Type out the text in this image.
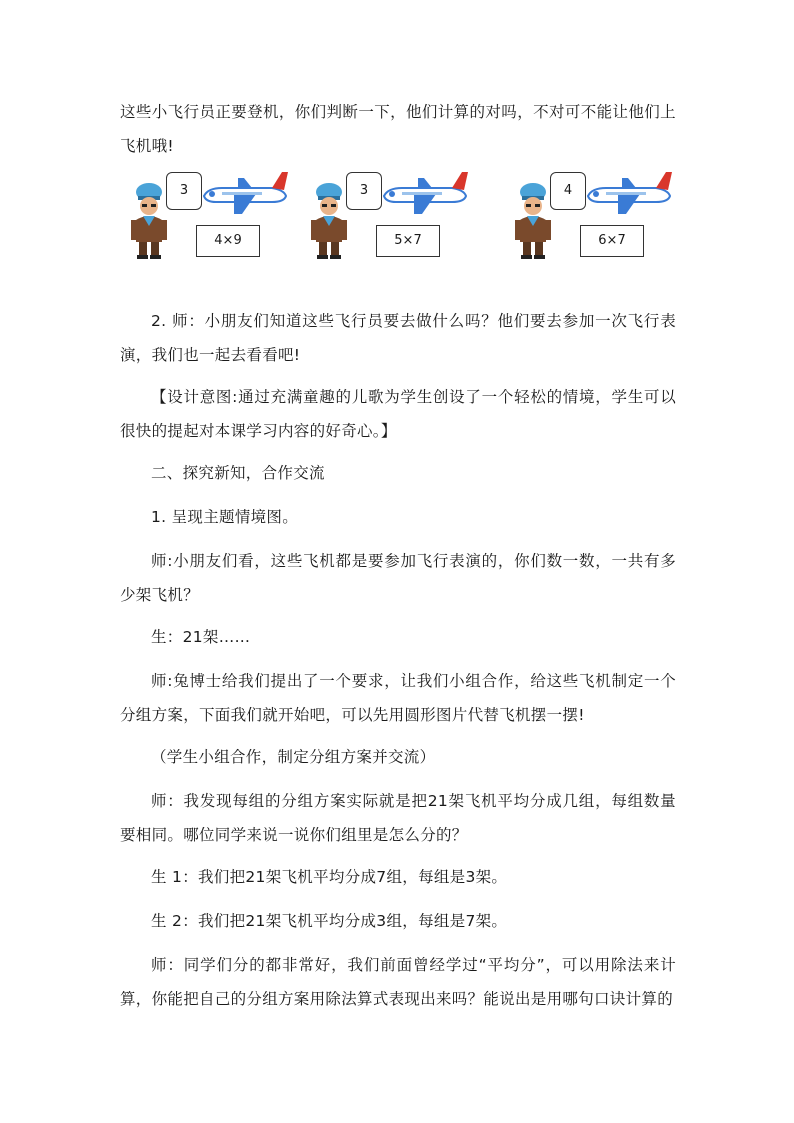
这些小飞行员正要登机，你们判断一下，他们计算的对吗，不对可不能让他们上飞机哦!

3
4×9
3
5×7
4
6×7

2. 师：小朋友们知道这些飞行员要去做什么吗？他们要去参加一次飞行表演，我们也一起去看看吧!

【设计意图:通过充满童趣的儿歌为学生创设了一个轻松的情境，学生可以很快的提起对本课学习内容的好奇心。】

二、探究新知，合作交流

1. 呈现主题情境图。

师:小朋友们看，这些飞机都是要参加飞行表演的，你们数一数，一共有多少架飞机？

生：21架……

师:兔博士给我们提出了一个要求，让我们小组合作，给这些飞机制定一个分组方案，下面我们就开始吧，可以先用圆形图片代替飞机摆一摆!

（学生小组合作，制定分组方案并交流）

师：我发现每组的分组方案实际就是把21架飞机平均分成几组，每组数量要相同。哪位同学来说一说你们组里是怎么分的？

生 1：我们把21架飞机平均分成7组，每组是3架。

生 2：我们把21架飞机平均分成3组，每组是7架。

师：同学们分的都非常好，我们前面曾经学过“平均分”，可以用除法来计算，你能把自己的分组方案用除法算式表现出来吗？能说出是用哪句口诀计算的
